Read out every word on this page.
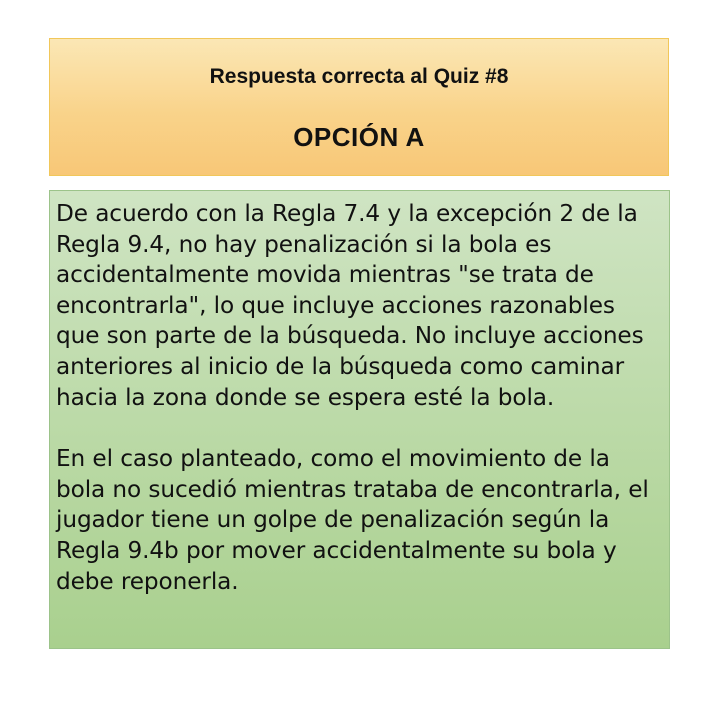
Respuesta correcta al Quiz #8

OPCIÓN A

De acuerdo con la Regla 7.4 y la excepción 2 de la Regla 9.4, no hay penalización si la bola es accidentalmente movida mientras "se trata de encontrarla", lo que incluye acciones razonables que son parte de la búsqueda. No incluye acciones anteriores al inicio de la búsqueda como caminar hacia la zona donde se espera esté la bola.

En el caso planteado, como el movimiento de la bola no sucedió mientras trataba de encontrarla, el jugador tiene un golpe de penalización según la Regla 9.4b por mover accidentalmente su bola y debe reponerla.
